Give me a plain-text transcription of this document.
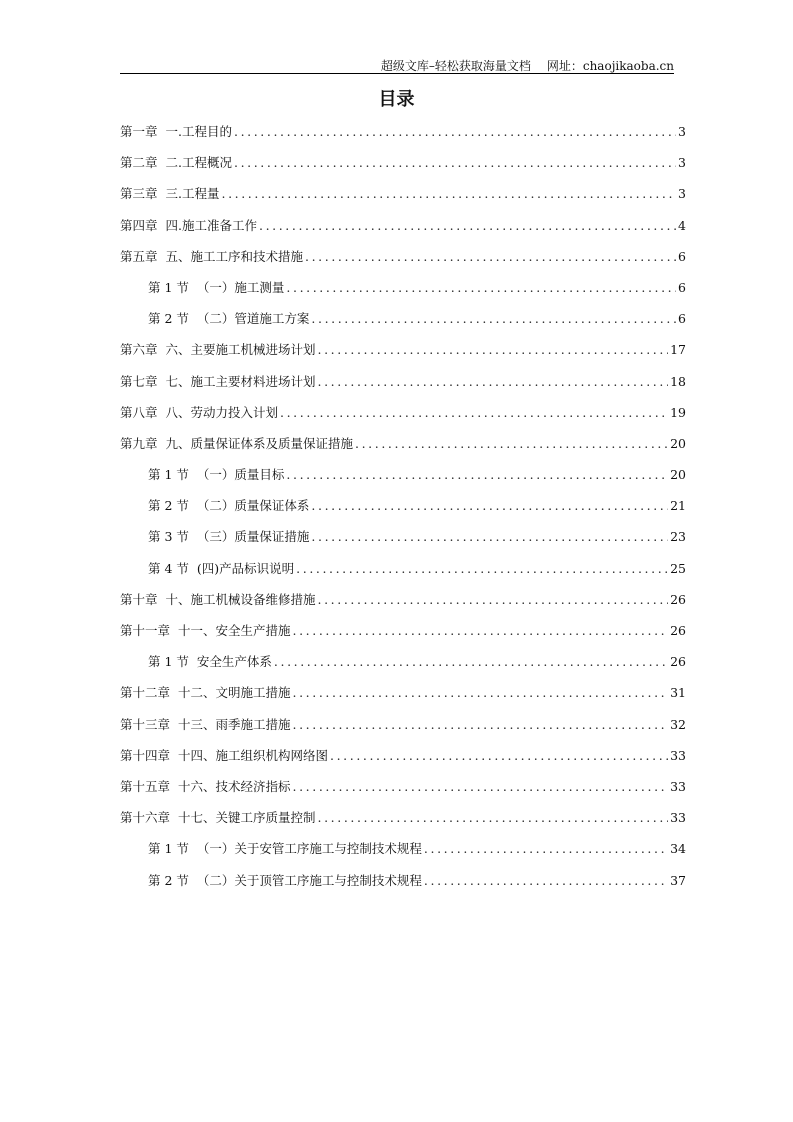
超级文库–轻松获取海量文档 网址：chaojikaoba.cn
目录
第一章 一.工程目的 .....	3
第二章 二.工程概况 .....	3
第三章 三.工程量 .....	3
第四章 四.施工准备工作 .....	4
第五章 五、施工工序和技术措施 .....	6
第 1 节 （一）施工测量 .....	6
第 2 节 （二）管道施工方案 .....	6
第六章 六、主要施工机械进场计划 .....	17
第七章 七、施工主要材料进场计划 .....	18
第八章 八、劳动力投入计划 .....	19
第九章 九、质量保证体系及质量保证措施 .....	20
第 1 节 （一）质量目标 .....	20
第 2 节 （二）质量保证体系 .....	21
第 3 节 （三）质量保证措施 .....	23
第 4 节 (四)产品标识说明 .....	25
第十章 十、施工机械设备维修措施 .....	26
第十一章 十一、安全生产措施 .....	26
第 1 节 安全生产体系 .....	26
第十二章 十二、文明施工措施 .....	31
第十三章 十三、雨季施工措施 .....	32
第十四章 十四、施工组织机构网络图 .....	33
第十五章 十六、技术经济指标 .....	33
第十六章 十七、关键工序质量控制 .....	33
第 1 节 （一）关于安管工序施工与控制技术规程 .....	34
第 2 节 （二）关于顶管工序施工与控制技术规程 .....	37
